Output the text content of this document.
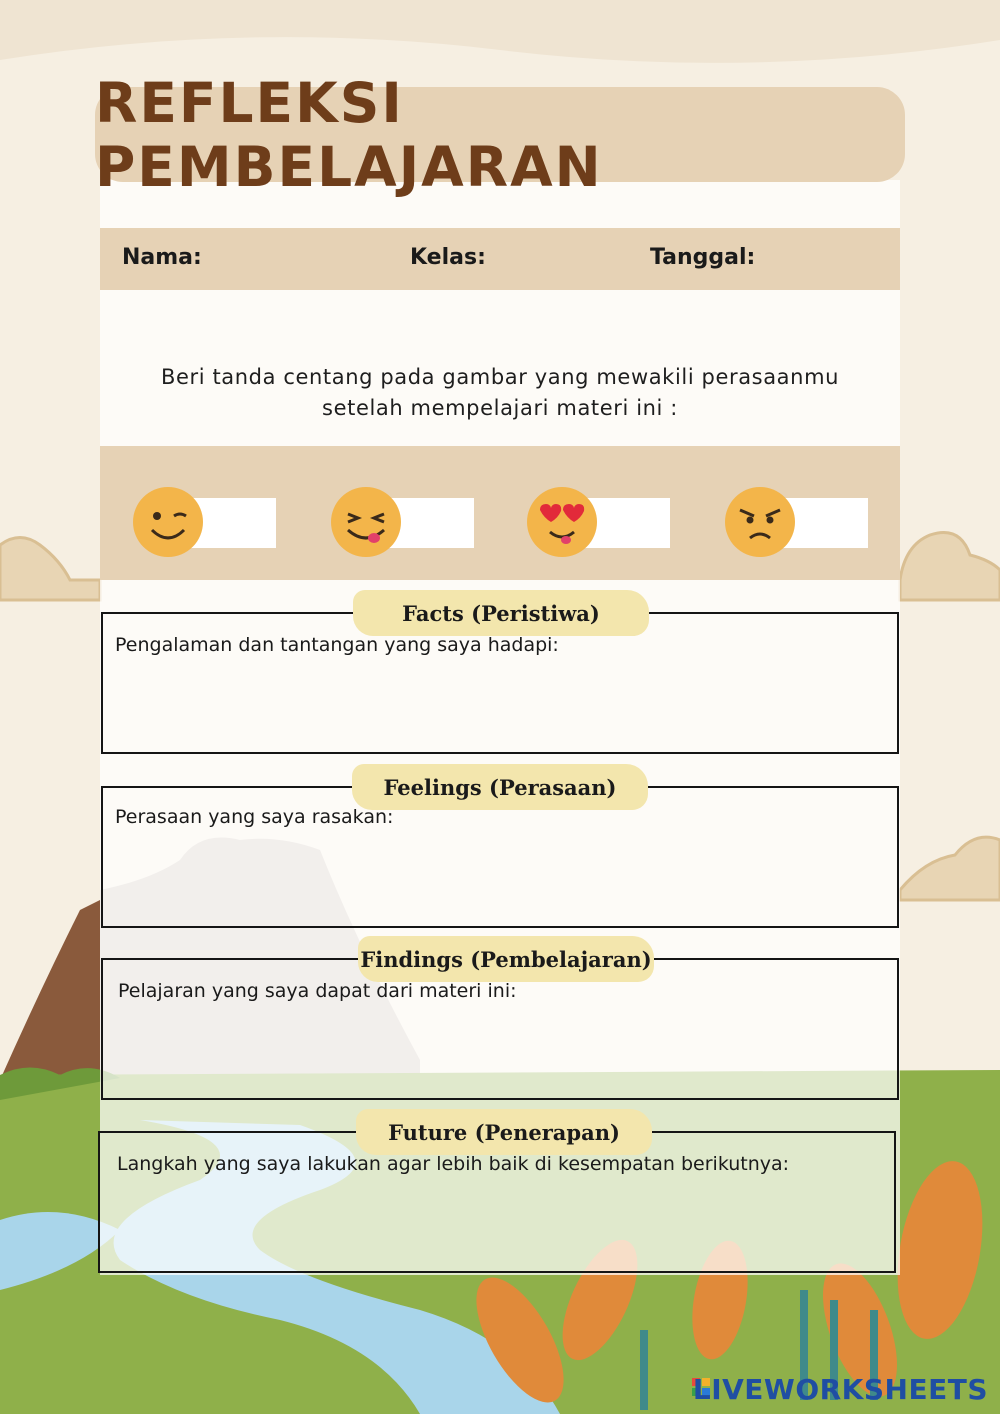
REFLEKSI PEMBELAJARAN
Nama:	Kelas:	Tanggal:
Beri tanda centang pada gambar yang mewakili perasaanmu
setelah mempelajari materi ini :
Facts (Peristiwa)
Pengalaman dan tantangan yang saya hadapi:
Feelings (Perasaan)
Perasaan yang saya rasakan:
Findings (Pembelajaran)
Pelajaran yang saya dapat dari materi ini:
Future (Penerapan)
Langkah yang saya lakukan agar lebih baik di kesempatan berikutnya:
LIVEWORKSHEETS
